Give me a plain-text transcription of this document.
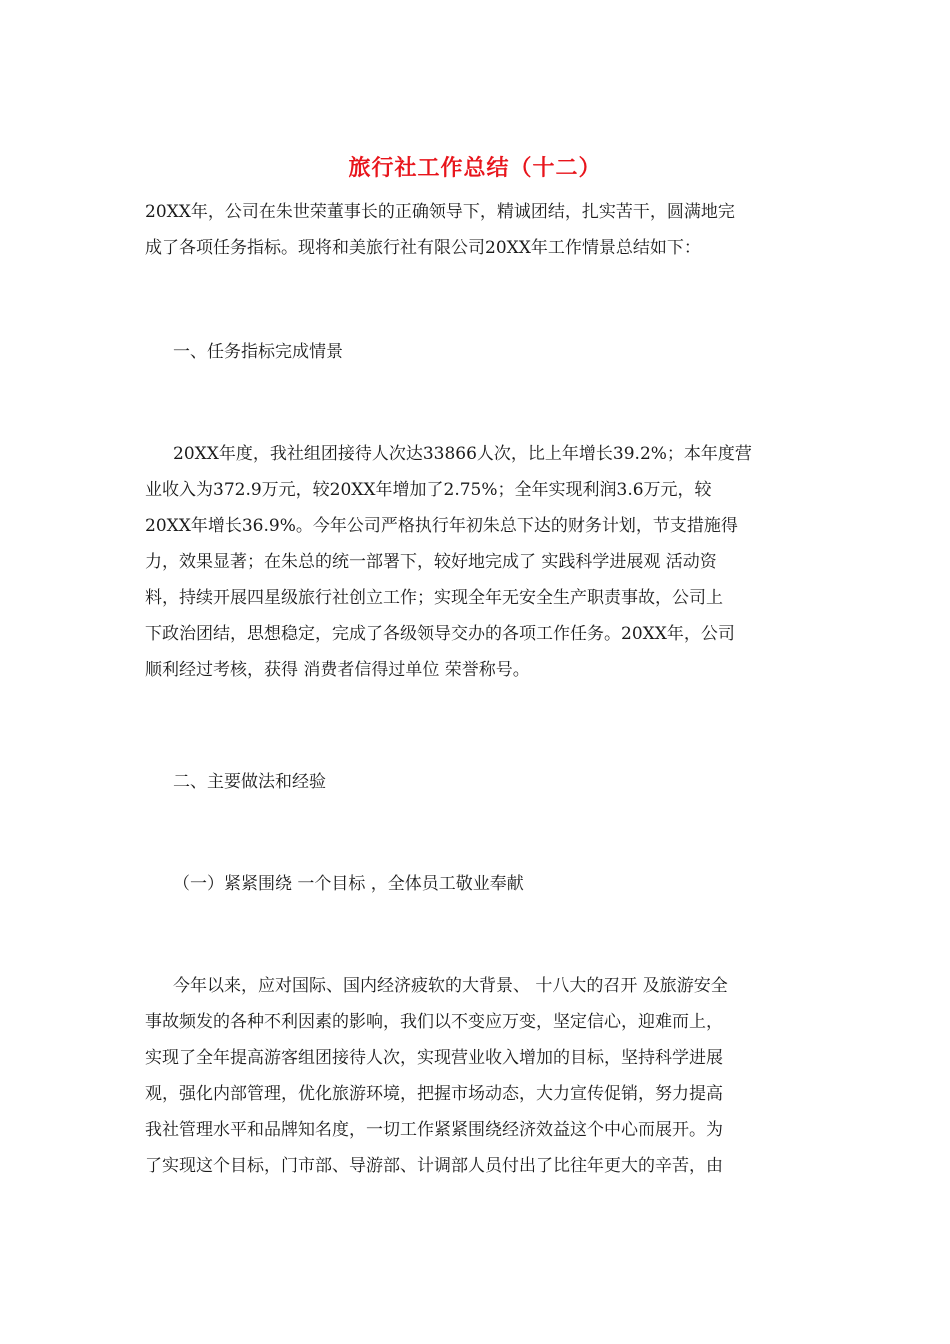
旅行社工作总结（十二）
20XX年，公司在朱世荣董事长的正确领导下，精诚团结，扎实苦干，圆满地完
成了各项任务指标。现将和美旅行社有限公司20XX年工作情景总结如下：
一、任务指标完成情景
20XX年度，我社组团接待人次达33866人次，比上年增长39.2%；本年度营
业收入为372.9万元，较20XX年增加了2.75%；全年实现利润3.6万元，较
20XX年增长36.9%。今年公司严格执行年初朱总下达的财务计划，节支措施得
力，效果显著；在朱总的统一部署下，较好地完成了 实践科学进展观 活动资
料，持续开展四星级旅行社创立工作；实现全年无安全生产职责事故，公司上
下政治团结，思想稳定，完成了各级领导交办的各项工作任务。20XX年，公司
顺利经过考核，获得 消费者信得过单位 荣誉称号。
二、主要做法和经验
（一）紧紧围绕 一个目标 ，全体员工敬业奉献
今年以来，应对国际、国内经济疲软的大背景、 十八大的召开 及旅游安全
事故频发的各种不利因素的影响，我们以不变应万变，坚定信心，迎难而上，
实现了全年提高游客组团接待人次，实现营业收入增加的目标，坚持科学进展
观，强化内部管理，优化旅游环境，把握市场动态，大力宣传促销，努力提高
我社管理水平和品牌知名度，一切工作紧紧围绕经济效益这个中心而展开。为
了实现这个目标，门市部、导游部、计调部人员付出了比往年更大的辛苦，由
